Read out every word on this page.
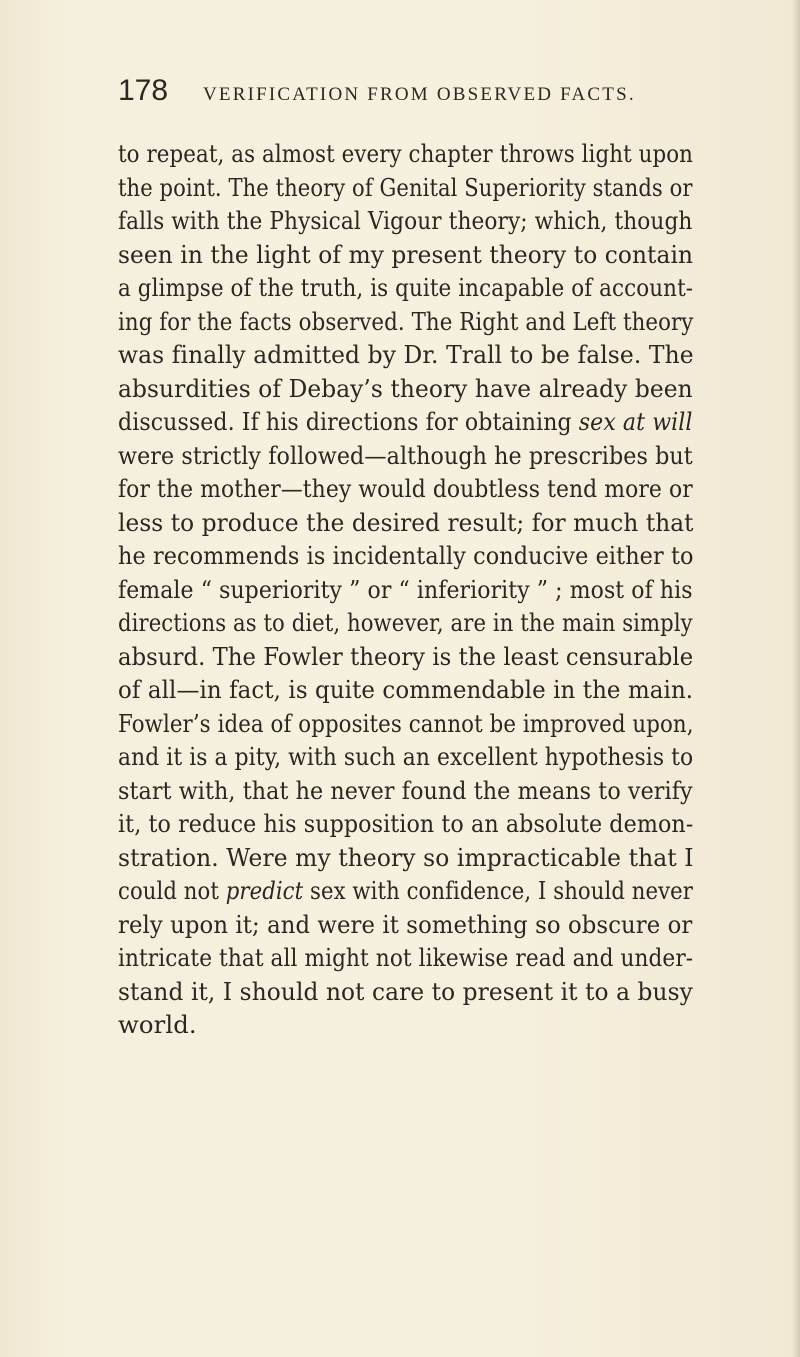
178 VERIFICATION FROM OBSERVED FACTS.
to repeat, as almost every chapter throws light upon
the point. The theory of Genital Superiority stands or
falls with the Physical Vigour theory; which, though
seen in the light of my present theory to contain
a glimpse of the truth, is quite incapable of account-
ing for the facts observed. The Right and Left theory
was finally admitted by Dr. Trall to be false. The
absurdities of Debay’s theory have already been
discussed. If his directions for obtaining sex at will
were strictly followed—although he prescribes but
for the mother—they would doubtless tend more or
less to produce the desired result; for much that
he recommends is incidentally conducive either to
female “ superiority ” or “ inferiority ” ; most of his
directions as to diet, however, are in the main simply
absurd. The Fowler theory is the least censurable
of all—in fact, is quite commendable in the main.
Fowler’s idea of opposites cannot be improved upon,
and it is a pity, with such an excellent hypothesis to
start with, that he never found the means to verify
it, to reduce his supposition to an absolute demon-
stration. Were my theory so impracticable that I
could not predict sex with confidence, I should never
rely upon it; and were it something so obscure or
intricate that all might not likewise read and under-
stand it, I should not care to present it to a busy
world.
